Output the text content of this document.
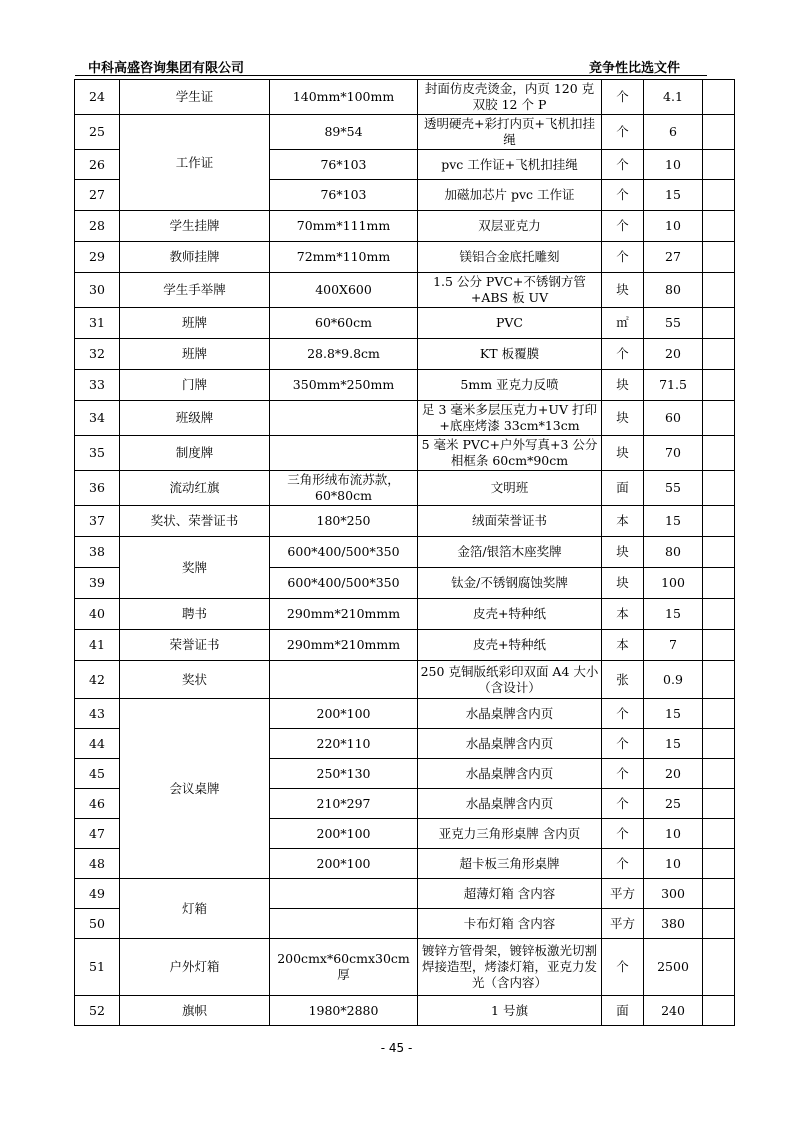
中科高盛咨询集团有限公司	竞争性比选文件
24	学生证	140mm*100mm	封面仿皮壳烫金，内页 120 克双胶 12 个 P	个	4.1	
25	工作证	89*54	透明硬壳+彩打内页+飞机扣挂绳	个	6	
26		76*103	pvc 工作证+飞机扣挂绳	个	10	
27		76*103	加磁加芯片 pvc 工作证	个	15	
28	学生挂牌	70mm*111mm	双层亚克力	个	10	
29	教师挂牌	72mm*110mm	镁铝合金底托雕刻	个	27	
30	学生手举牌	400X600	1.5 公分 PVC+不锈钢方管+ABS 板 UV	块	80	
31	班牌	60*60cm	PVC	㎡	55	
32	班牌	28.8*9.8cm	KT 板覆膜	个	20	
33	门牌	350mm*250mm	5mm 亚克力反喷	块	71.5	
34	班级牌		足 3 毫米多层压克力+UV 打印+底座烤漆 33cm*13cm	块	60	
35	制度牌		5 毫米 PVC+户外写真+3 公分相框条 60cm*90cm	块	70	
36	流动红旗	三角形绒布流苏款，60*80cm	文明班	面	55	
37	奖状、荣誉证书	180*250	绒面荣誉证书	本	15	
38	奖牌	600*400/500*350	金箔/银箔木座奖牌	块	80	
39		600*400/500*350	钛金/不锈钢腐蚀奖牌	块	100	
40	聘书	290mm*210mmm	皮壳+特种纸	本	15	
41	荣誉证书	290mm*210mmm	皮壳+特种纸	本	7	
42	奖状		250 克铜版纸彩印双面 A4 大小（含设计）	张	0.9	
43	会议桌牌	200*100	水晶桌牌含内页	个	15	
44		220*110	水晶桌牌含内页	个	15	
45		250*130	水晶桌牌含内页	个	20	
46		210*297	水晶桌牌含内页	个	25	
47		200*100	亚克力三角形桌牌 含内页	个	10	
48		200*100	超卡板三角形桌牌	个	10	
49	灯箱		超薄灯箱 含内容	平方	300	
50			卡布灯箱 含内容	平方	380	
51	户外灯箱	200cmx*60cmx30cm 厚	镀锌方管骨架，镀锌板激光切割焊接造型，烤漆灯箱，亚克力发光（含内容）	个	2500	
52	旗帜	1980*2880	1 号旗	面	240	
- 45 -
